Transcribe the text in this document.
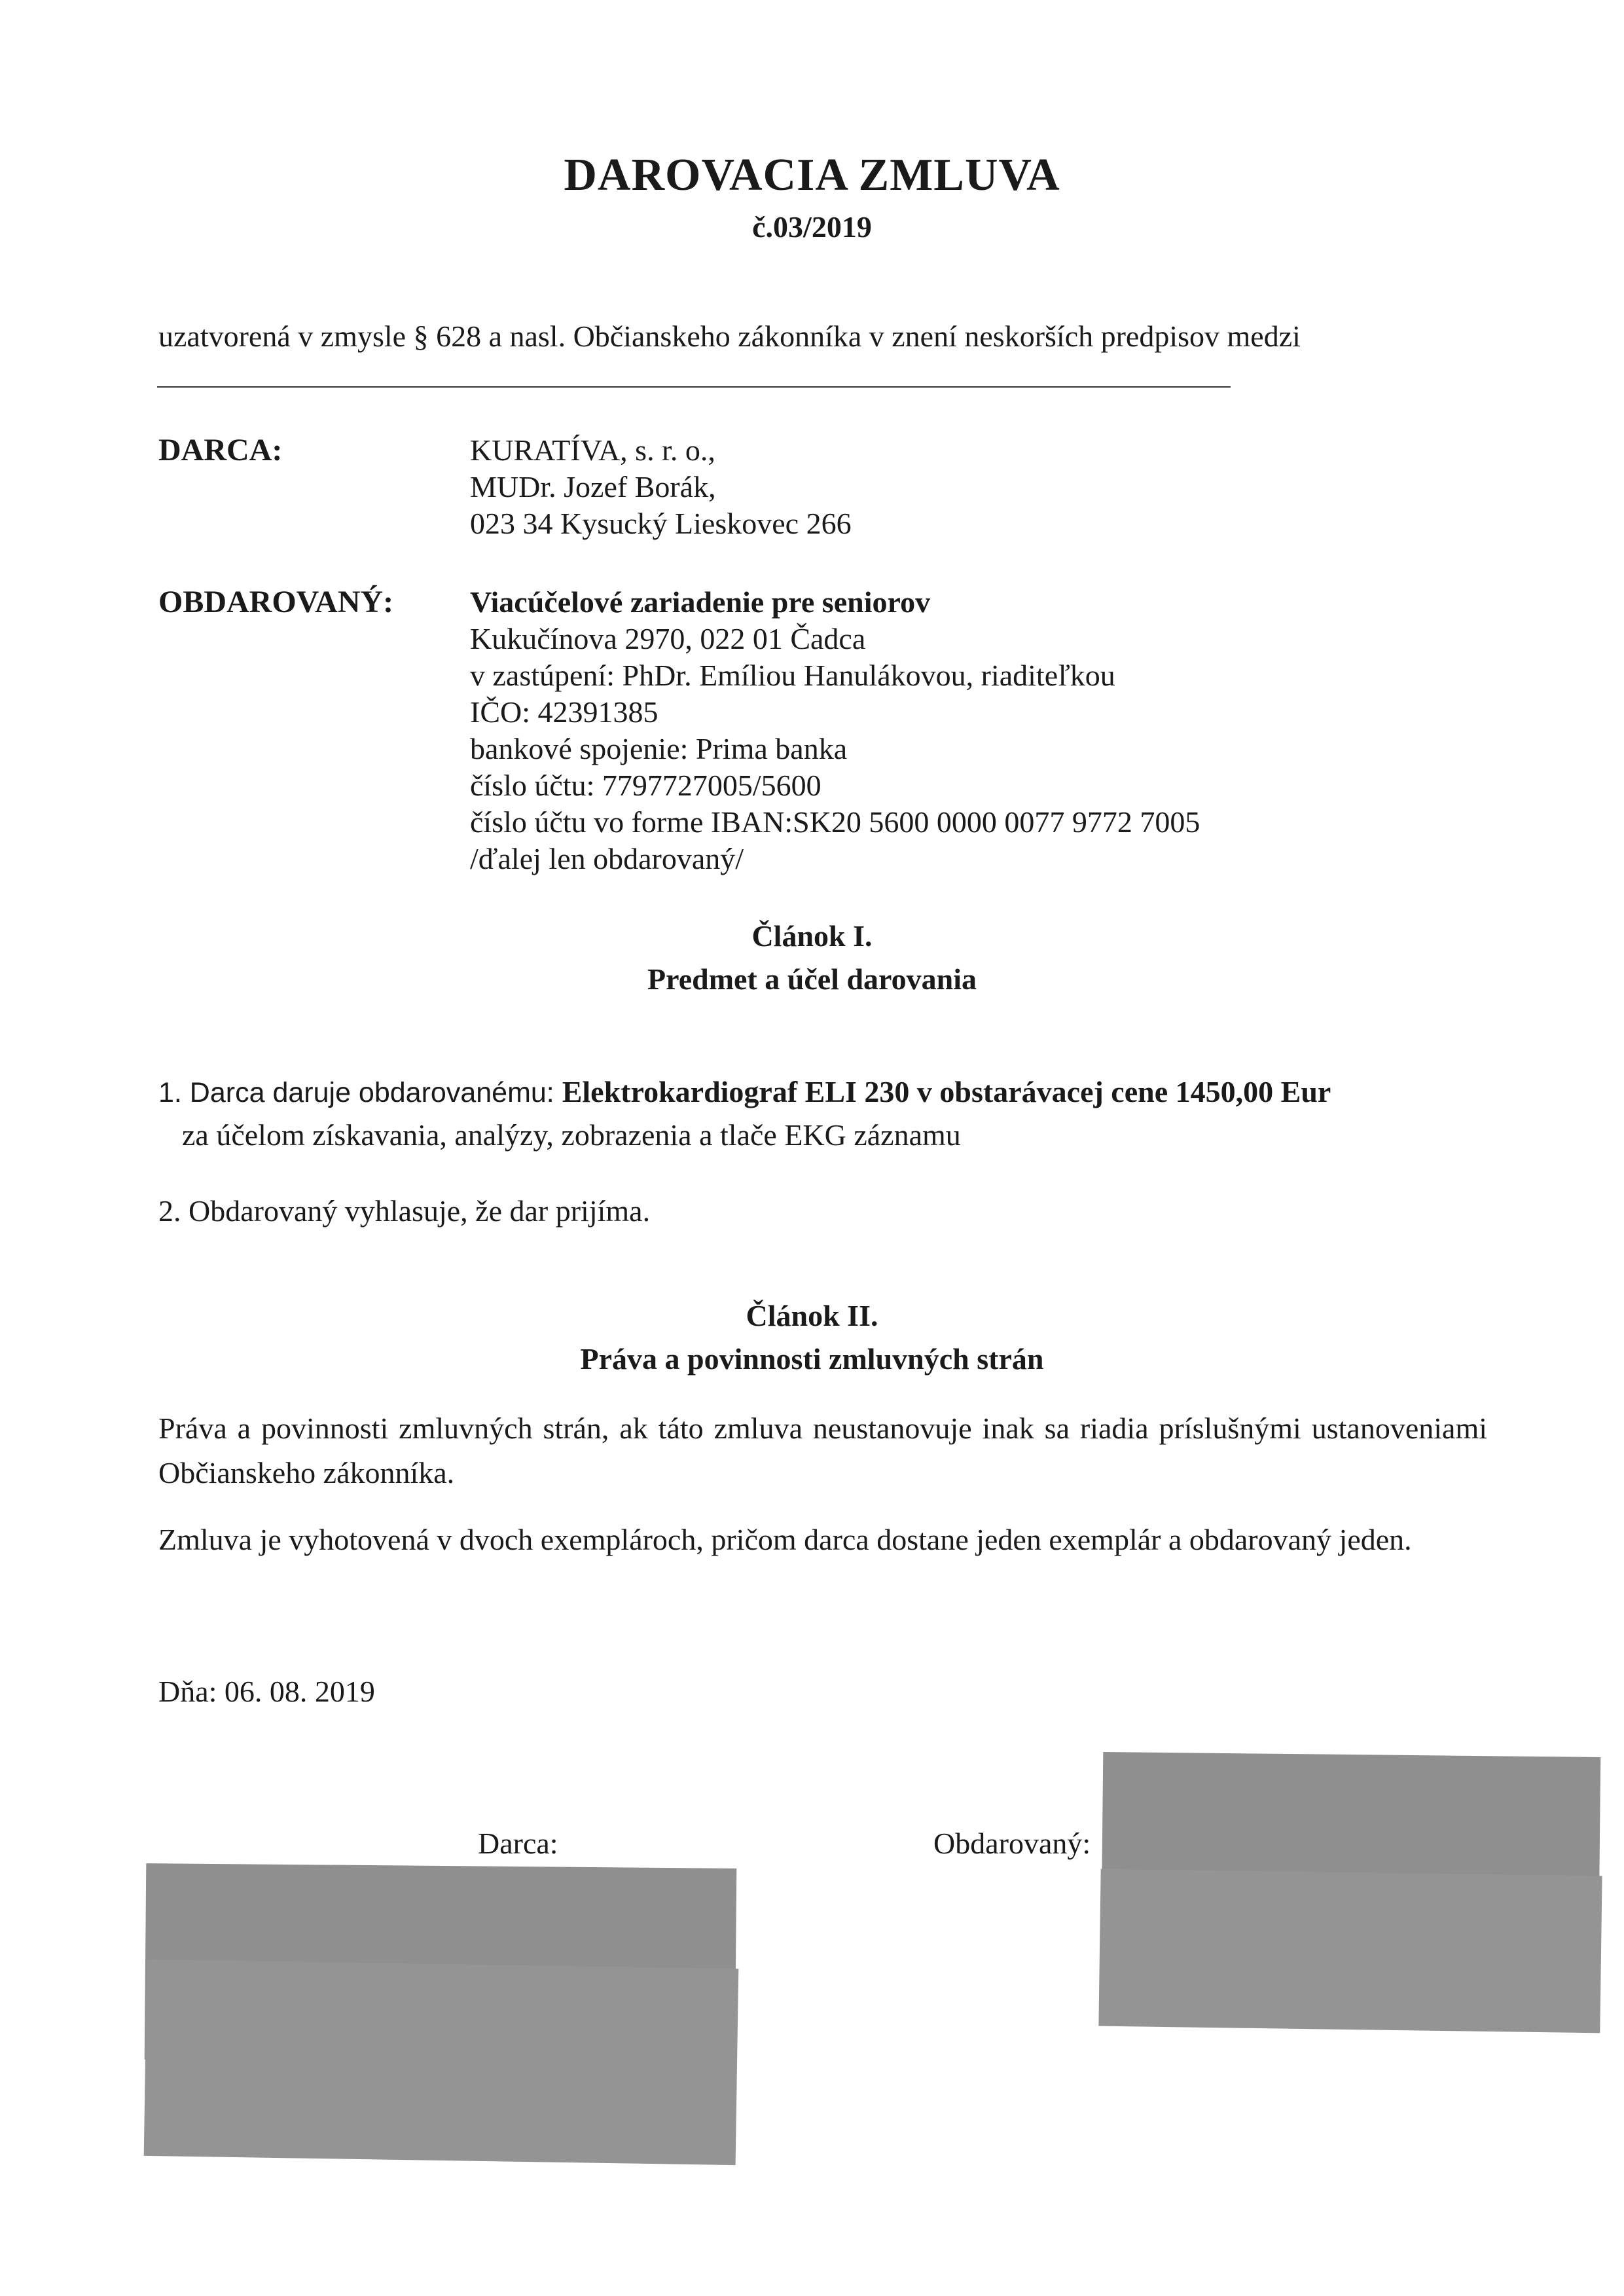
DAROVACIA ZMLUVA
č.03/2019
uzatvorená v zmysle § 628 a nasl. Občianskeho zákonníka v znení neskorších predpisov medzi
DARCA:	KURATÍVA, s. r. o.,
MUDr. Jozef Borák,
023 34 Kysucký Lieskovec 266
OBDAROVANÝ:	Viacúčelové zariadenie pre seniorov
Kukučínova 2970, 022 01 Čadca
v zastúpení: PhDr. Emíliou Hanulákovou, riaditeľkou
IČO: 42391385
bankové spojenie: Prima banka
číslo účtu: 7797727005/5600
číslo účtu vo forme IBAN:SK20 5600 0000 0077 9772 7005
/ďalej len obdarovaný/
Článok I.
Predmet a účel darovania
1. Darca daruje obdarovanému: Elektrokardiograf ELI 230 v obstarávacej cene 1450,00 Eur
za účelom získavania, analýzy, zobrazenia a tlače EKG záznamu
2. Obdarovaný vyhlasuje, že dar prijíma.
Článok II.
Práva a povinnosti zmluvných strán
Práva a povinnosti zmluvných strán, ak táto zmluva neustanovuje inak sa riadia príslušnými ustanoveniami Občianskeho zákonníka.
Zmluva je vyhotovená v dvoch exemplároch, pričom darca dostane jeden exemplár a obdarovaný jeden.
Dňa: 06. 08. 2019
Darca:	Obdarovaný:
